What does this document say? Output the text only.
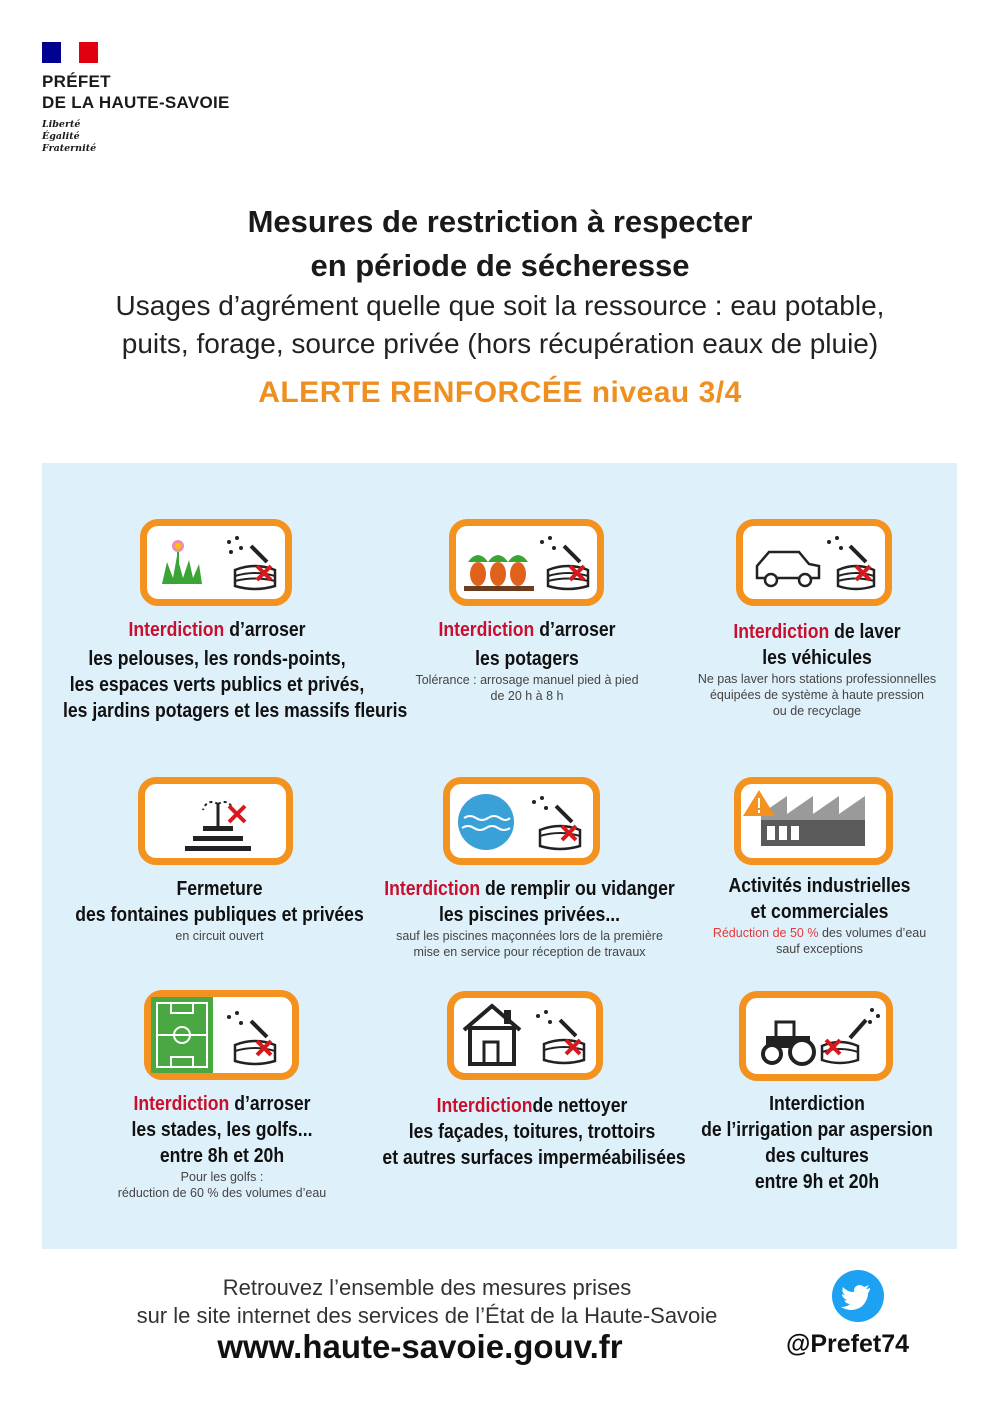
PRÉFET
DE LA HAUTE-SAVOIE
Liberté
Égalité
Fraternité
Mesures de restriction à respecter
en période de sécheresse
Usages d’agrément quelle que soit la ressource : eau potable,
puits, forage, source privée (hors récupération eaux de pluie)
ALERTE RENFORCÉE niveau 3/4
Interdiction d’arroser
les pelouses, les ronds-points,
les espaces verts publics et privés,
les jardins potagers et les massifs fleuris
Interdiction d’arroser
les potagers
Tolérance : arrosage manuel pied à pied
de 20 h à 8 h
Interdiction de laver
les véhicules
Ne pas laver hors stations professionnelles
équipées de système à haute pression
ou de recyclage
Fermeture
des fontaines publiques et privées
en circuit ouvert
Interdiction de remplir ou vidanger
les piscines privées...
sauf les piscines maçonnées lors de la première
mise en service pour réception de travaux
Activités industrielles
et commerciales
Réduction de 50 % des volumes d’eau
sauf exceptions
Interdiction d’arroser
les stades, les golfs...
entre 8h et 20h
Pour les golfs :
réduction de 60 % des volumes d’eau
Interdictionde nettoyer
les façades, toitures, trottoirs
et autres surfaces imperméabilisées
Interdiction
de l’irrigation par aspersion
des cultures
entre 9h et 20h
Retrouvez l’ensemble des mesures prises
sur le site internet des services de l’État de la Haute-Savoie
www.haute-savoie.gouv.fr	@Prefet74
